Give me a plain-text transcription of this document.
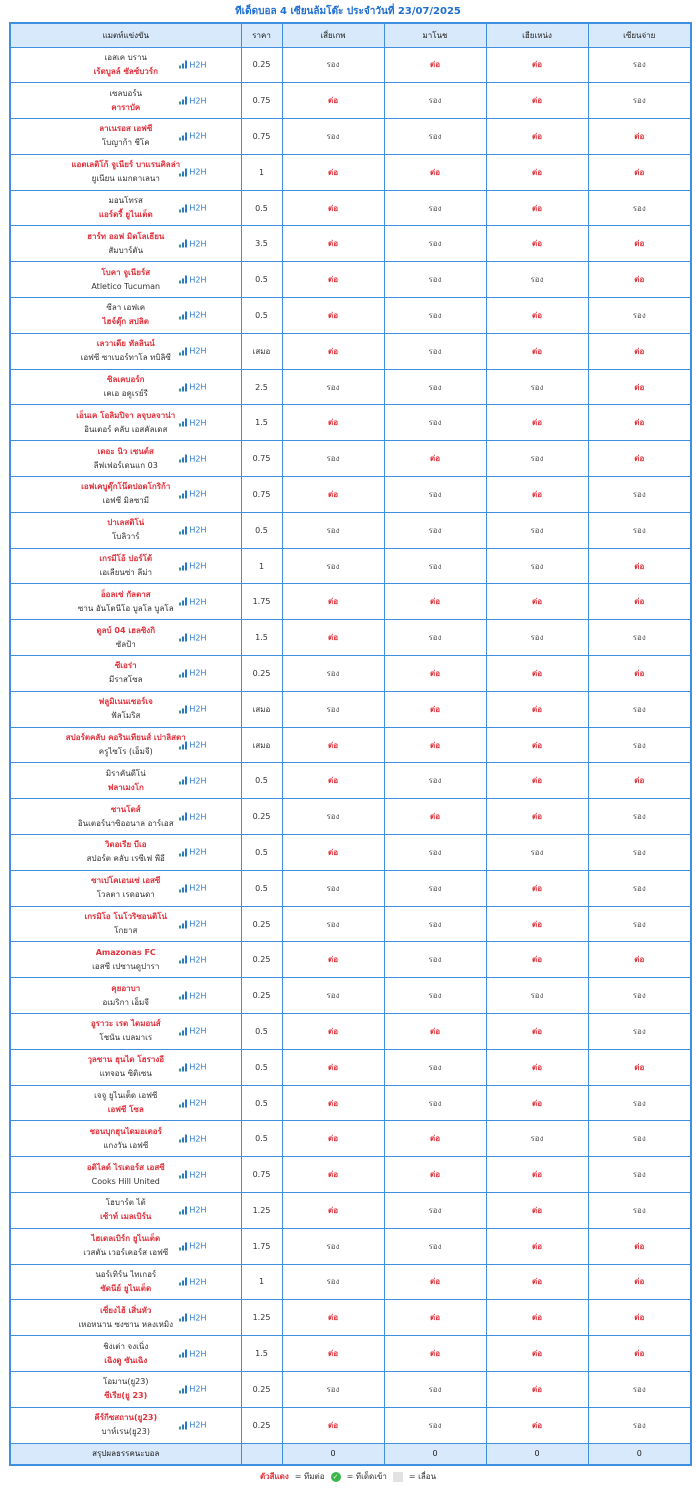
ทีเด็ดบอล 4 เซียนล้มโต๊ะ ประจำวันที่ 23/07/2025
แมตท์แข่งขัน	ราคา	เสี่ยเกพ	มาโนช	เฮียเหน่ง	เซียนจ่าย

เอสเค บราน
เร้ดบูลล์ ซัลซ์บวร์ก
H2H	0.25	รอง	ต่อ	ต่อ	รอง

เซลบอร์น
คาราบัค
H2H	0.75	ต่อ	รอง	ต่อ	รอง

ลาเนรอส เอฟซี
โบญาก้า ชีโค
H2H	0.75	รอง	รอง	ต่อ	ต่อ

แอตเลติโก้ จูเนียร์ บาแรนคิลล่า
ยูเนียน แมกดาเลนา
H2H	1	ต่อ	ต่อ	ต่อ	ต่อ

มอนโทรส
แอร์ดรี้ ยูไนเต็ด
H2H	0.5	ต่อ	รอง	ต่อ	รอง

ฮาร์ท ออฟ มิดโลเธียน
สัมบาร์ตัน
H2H	3.5	ต่อ	รอง	ต่อ	ต่อ

โบคา จูเนียร์ส
Atletico Tucuman
H2H	0.5	ต่อ	รอง	รอง	ต่อ

ซีลา เอฟเค
ไฮจ์ดุ๊ก สปลิต
H2H	0.5	ต่อ	รอง	ต่อ	รอง

เลวาเดีย ทัลลินน์
เอฟซี ซาเบอร์ทาโล ทบิลิซี
H2H	เสมอ	ต่อ	รอง	ต่อ	ต่อ

ซิลเคบอร์ก
เคเอ อคูเรย์รี
H2H	2.5	รอง	รอง	รอง	ต่อ

เอ็นเค โอลิมปิจา ลจุบลจาน่า
อินเตอร์ คลับ เอสคัลเดส
H2H	1.5	ต่อ	รอง	ต่อ	ต่อ

เดอะ นิว เซนต์ส
ลีฟเฟอร์เดนแก 03
H2H	0.75	รอง	ต่อ	รอง	ต่อ

เอฟเคบูดุ๊กโน๊ตปอดโกริก้า
เอฟซี มิลซามี
H2H	0.75	ต่อ	รอง	ต่อ	รอง

ปาเลสติโน่
โบลิวาร์
H2H	0.5	รอง	รอง	รอง	รอง

เกรมีโอ้ ปอร์โต้
เอเลียนซ่า ลีม่า
H2H	1	รอง	รอง	รอง	ต่อ

อ็อลเซ่ กัลดาส
ซาน อันโตนีโอ บูลโล บูลโล
H2H	1.75	ต่อ	ต่อ	ต่อ	ต่อ

ดูลบ์ 04 เฮลซิงกิ
ซัลป้า
H2H	1.5	ต่อ	รอง	รอง	รอง

ซีเอร่า
มีราสโซล
H2H	0.25	รอง	ต่อ	ต่อ	ต่อ

ฟลูมิเนนเซอร์เจ
ฟัลโมริส
H2H	เสมอ	รอง	ต่อ	ต่อ	รอง

สปอร์ตคลับ คอรินเทียนส์ เปาลิสตา
ครูไซโร (เอ็มจี)
H2H	เสมอ	ต่อ	ต่อ	ต่อ	รอง

มิราคันดีโน่
ฟลาเมงโก
H2H	0.5	ต่อ	รอง	ต่อ	ต่อ

ซานโตส์
อินเตอร์นาซิออนาล อาร์เอส
H2H	0.25	รอง	ต่อ	ต่อ	รอง

วิตอเรีย บีเอ
สปอร์ต คลับ เรซีเฟ พีอี
H2H	0.5	ต่อ	รอง	รอง	รอง

ซาเปโคเอนเซ่ เอสซี
โวลตา เรดอนดา
H2H	0.5	รอง	รอง	ต่อ	รอง

เกรมิโอ โนโวริซอนติโน่
โกยาส
H2H	0.25	รอง	รอง	ต่อ	รอง

Amazonas FC
เอสซี เปซานดูปารา
H2H	0.25	ต่อ	รอง	ต่อ	ต่อ

คุยอาบา
อเมริกา เอ็มจี
H2H	0.25	รอง	รอง	รอง	รอง

อูราวะ เรด ไดมอนส์
โชนัน เบลมาเร
H2H	0.5	ต่อ	ต่อ	ต่อ	รอง

วุลซาน ฮุนได โฮรางอี
แทจอน ซิติเซน
H2H	0.5	ต่อ	รอง	ต่อ	ต่อ

เจจู ยูไนเต็ด เอฟซี
เอฟซี โซล
H2H	0.5	ต่อ	รอง	ต่อ	รอง

ชอนบุกฮุนไดมอเตอร์
แกงวัน เอฟซี
H2H	0.5	ต่อ	ต่อ	รอง	รอง

อดิไลด์ ไรเดอร์ส เอสซี
Cooks Hill United
H2H	0.75	ต่อ	ต่อ	ต่อ	รอง

โฮบาร์ต ไต้
เซ้าท์ เมลเบิร์น
H2H	1.25	ต่อ	รอง	ต่อ	รอง

ไฮเดลเบิร์ก ยูไนเต็ด
เวสตัน เวอร์เคอร์ส เอฟซี
H2H	1.75	รอง	รอง	ต่อ	ต่อ

นอร์เทิร์น ไทเกอร์
ซัดนีย์ ยูไนเต็ด
H2H	1	รอง	ต่อ	ต่อ	ต่อ

เซี่ยงไฮ้ เสิ่นหัว
เหอหนาน ซงซาน หลงเหมิง
H2H	1.25	ต่อ	ต่อ	ต่อ	ต่อ

ชิงเต่า จงเนิ่ง
เฉิงดู ซันเฉิง
H2H	1.5	ต่อ	ต่อ	ต่อ	ต่อ

โอมาน(ยู23)
ซีเรีย(ยู 23)
H2H	0.25	รอง	รอง	ต่อ	รอง

คีร์กีซสถาน(ยู23)
บาห์เรน(ยู23)
H2H	0.25	ต่อ	รอง	ต่อ	รอง
สรุปผลธรรคนะบอล		0	0	0	0
ตัวสีแดง = ทีมต่อ ✓ = ทีเด็ดเข้า	= เลื่อน
